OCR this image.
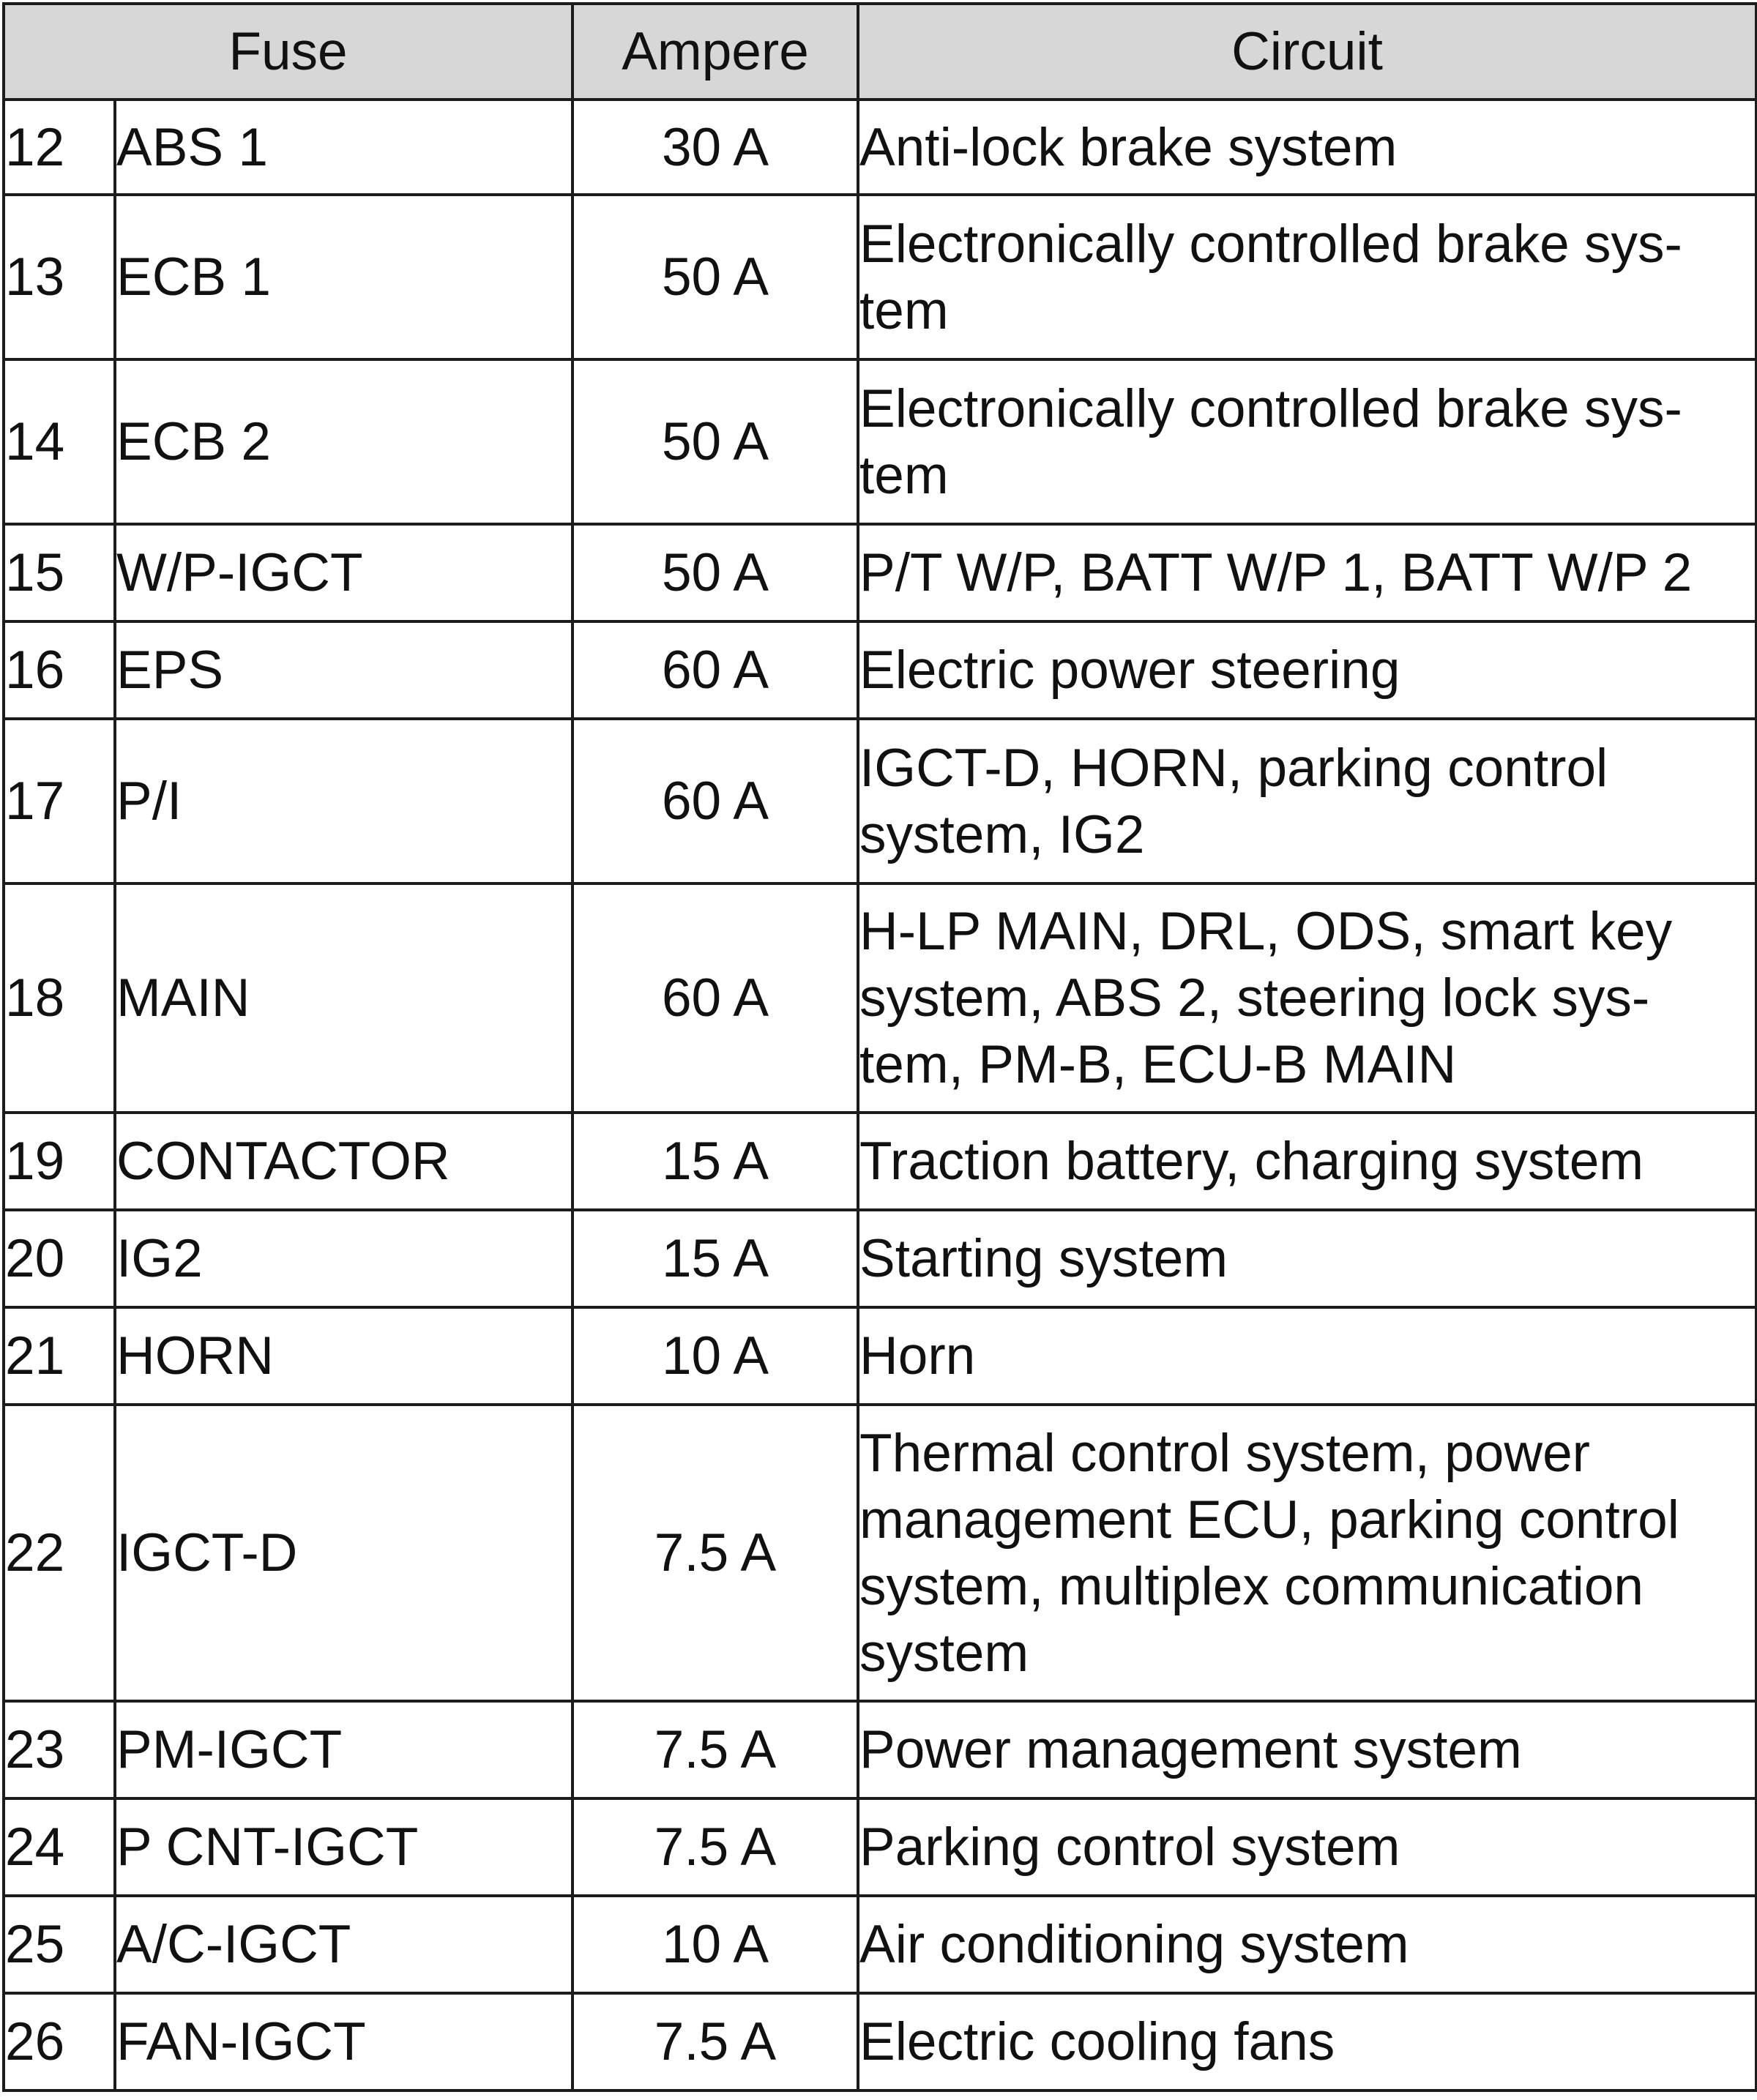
Fuse		Ampere	Circuit
12	ABS 1	30 A	Anti-lock brake system

13	ECB 1	50 A	Electronically controlled brake sys-
tem

14	ECB 2	50 A	Electronically controlled brake sys-
tem

15	W/P-IGCT	50 A	P/T W/P, BATT W/P 1, BATT W/P 2

16	EPS	60 A	Electric power steering

17	P/I	60 A	IGCT-D, HORN, parking control
system, IG2

18	MAIN	60 A	H-LP MAIN, DRL, ODS, smart key
system, ABS 2, steering lock sys-
tem, PM-B, ECU-B MAIN

19	CONTACTOR	15 A	Traction battery, charging system

20	IG2	15 A	Starting system

21	HORN	10 A	Horn

22	IGCT-D	7.5 A	Thermal control system, power
management ECU, parking control
system, multiplex communication
system

23	PM-IGCT	7.5 A	Power management system

24	P CNT-IGCT	7.5 A	Parking control system

25	A/C-IGCT	10 A	Air conditioning system

26	FAN-IGCT	7.5 A	Electric cooling fans
